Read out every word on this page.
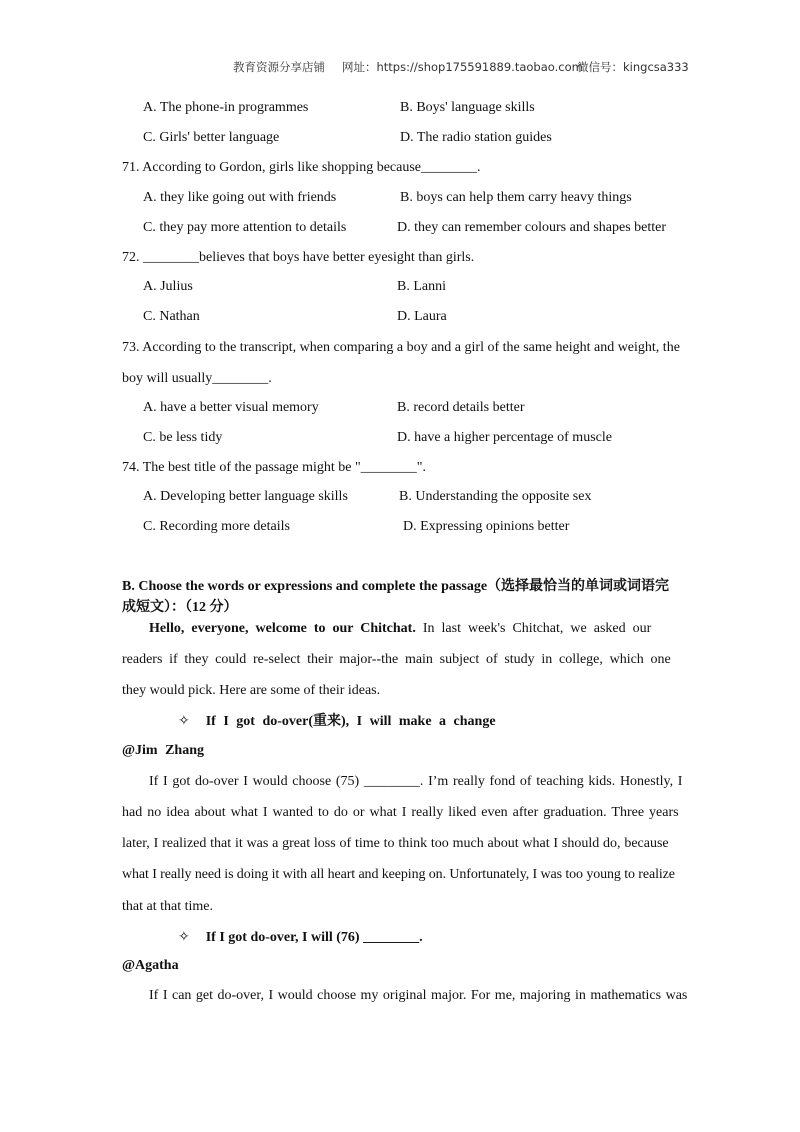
教育资源分享店铺 网址：https://shop175591889.taobao.com
微信号：kingcsa333
A. The phone-in programmes	B. Boys' language skills
C. Girls' better language	D. The radio station guides
71. According to Gordon, girls like shopping because________.
A. they like going out with friends	B. boys can help them carry heavy things
C. they pay more attention to details	D. they can remember colours and shapes better
72. ________believes that boys have better eyesight than girls.
A. Julius	B. Lanni
C. Nathan	D. Laura
73. According to the transcript, when comparing a boy and a girl of the same height and weight, the
boy will usually________.
A. have a better visual memory	B. record details better
C. be less tidy	D. have a higher percentage of muscle
74. The best title of the passage might be "________".
A. Developing better language skills	B. Understanding the opposite sex
C. Recording more details	D. Expressing opinions better
B. Choose the words or expressions and complete the passage（选择最恰当的单词或词语完
成短文）：（12 分）
Hello, everyone, welcome to our Chitchat. In last week's Chitchat, we asked our
readers if they could re-select their major--the main subject of study in college, which one
they would pick. Here are some of their ideas.
✧ If I got do-over(重来), I will make a change
@Jim Zhang
If I got do-over I would choose (75) ________. I’m really fond of teaching kids. Honestly, I
had no idea about what I wanted to do or what I really liked even after graduation. Three years
later, I realized that it was a great loss of time to think too much about what I should do, because
what I really need is doing it with all heart and keeping on. Unfortunately, I was too young to realize
that at that time.
✧ If I got do-over, I will (76) ________.
@Agatha
If I can get do-over, I would choose my original major. For me, majoring in mathematics was
